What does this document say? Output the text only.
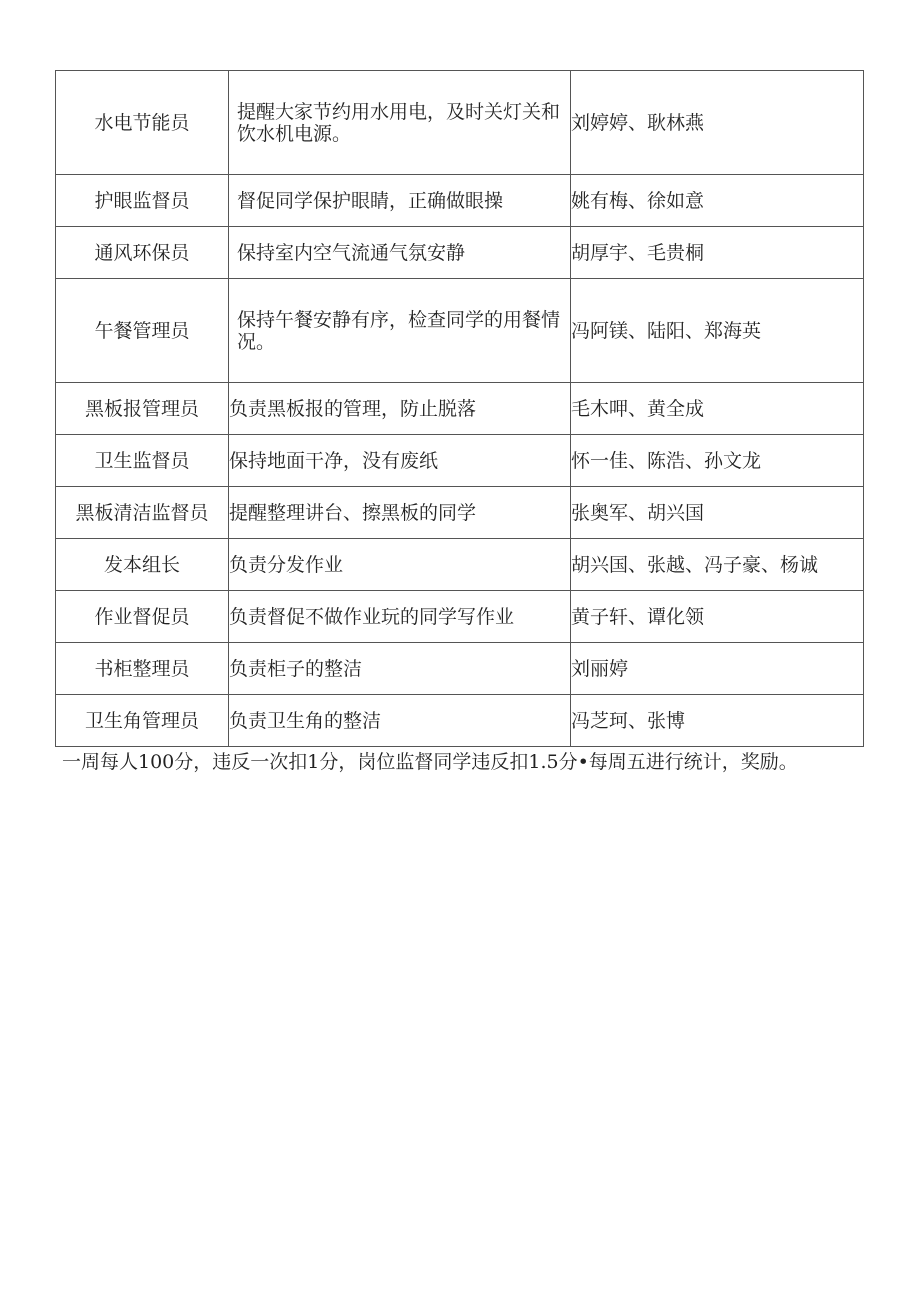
水电节能员	提醒大家节约用水用电，及时关灯关和饮水机电源。	刘婷婷、耿林燕
护眼监督员	督促同学保护眼睛，正确做眼操	姚有梅、徐如意
通风环保员	保持室内空气流通气氛安静	胡厚宇、毛贵桐
午餐管理员	保持午餐安静有序，检查同学的用餐情况。	冯阿镁、陆阳、郑海英
黑板报管理员	负责黑板报的管理，防止脱落	毛木呷、黄全成
卫生监督员	保持地面干净，没有废纸	怀一佳、陈浩、孙文龙
黑板清洁监督员	提醒整理讲台、擦黑板的同学	张奥军、胡兴国
发本组长	负责分发作业	胡兴国、张越、冯子豪、杨诚
作业督促员	负责督促不做作业玩的同学写作业	黄子轩、谭化领
书柜整理员	负责柜子的整洁	刘丽婷
卫生角管理员	负责卫生角的整洁	冯芝珂、张博
一周每人100分，违反一次扣1分，岗位监督同学违反扣1.5分•每周五进行统计，奖励。
